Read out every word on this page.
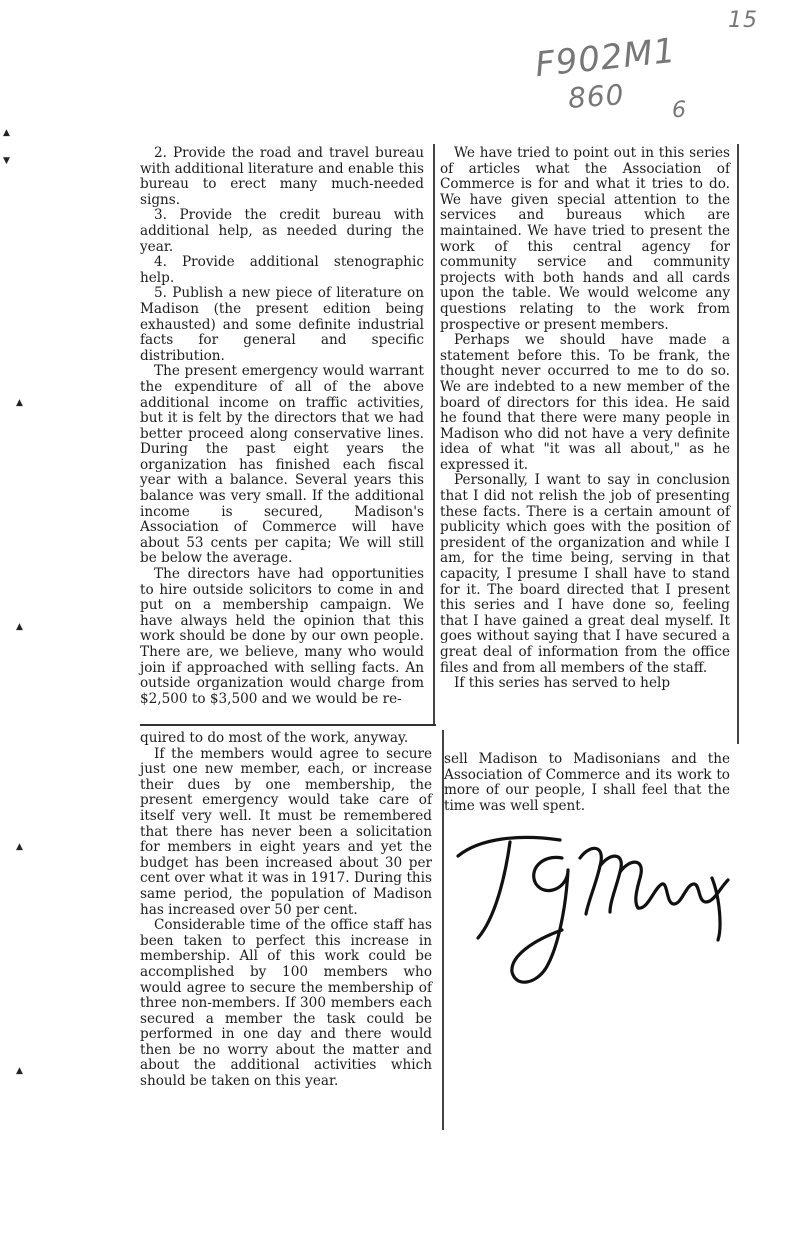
F902M1
860 6
15
▲
▼
▲
▲
▲
▲

2. Provide the road and travel bureau with additional literature and enable this bureau to erect many much-needed signs.

3. Provide the credit bureau with additional help, as needed during the year.

4. Provide additional stenographic help.

5. Publish a new piece of literature on Madison (the present edition being exhausted) and some definite industrial facts for general and specific distribution.

The present emergency would warrant the expenditure of all of the above additional income on traffic activities, but it is felt by the directors that we had better proceed along conservative lines. During the past eight years the organization has finished each fiscal year with a balance. Several years this balance was very small. If the additional income is secured, Madison's Association of Commerce will have about 53 cents per capita; We will still be below the average.

The directors have had opportunities to hire outside solicitors to come in and put on a membership campaign. We have always held the opinion that this work should be done by our own people. There are, we believe, many who would join if approached with selling facts. An outside organization would charge from $2,500 to $3,500 and we would be re-

quired to do most of the work, anyway.

If the members would agree to secure just one new member, each, or increase their dues by one membership, the present emergency would take care of itself very well. It must be remembered that there has never been a solicitation for members in eight years and yet the budget has been increased about 30 per cent over what it was in 1917. During this same period, the population of Madison has increased over 50 per cent.

Considerable time of the office staff has been taken to perfect this increase in membership. All of this work could be accomplished by 100 members who would agree to secure the membership of three non-members. If 300 members each secured a member the task could be performed in one day and there would then be no worry about the matter and about the additional activities which should be taken on this year.

We have tried to point out in this series of articles what the Association of Commerce is for and what it tries to do. We have given special attention to the services and bureaus which are maintained. We have tried to present the work of this central agency for community service and community projects with both hands and all cards upon the table. We would welcome any questions relating to the work from prospective or present members.

Perhaps we should have made a statement before this. To be frank, the thought never occurred to me to do so. We are indebted to a new member of the board of directors for this idea. He said he found that there were many people in Madison who did not have a very definite idea of what "it was all about," as he expressed it.

Personally, I want to say in conclusion that I did not relish the job of presenting these facts. There is a certain amount of publicity which goes with the position of president of the organization and while I am, for the time being, serving in that capacity, I presume I shall have to stand for it. The board directed that I present this series and I have done so, feeling that I have gained a great deal myself. It goes without saying that I have secured a great deal of information from the office files and from all members of the staff.

If this series has served to help

sell Madison to Madisonians and the Association of Commerce and its work to more of our people, I shall feel that the time was well spent.
